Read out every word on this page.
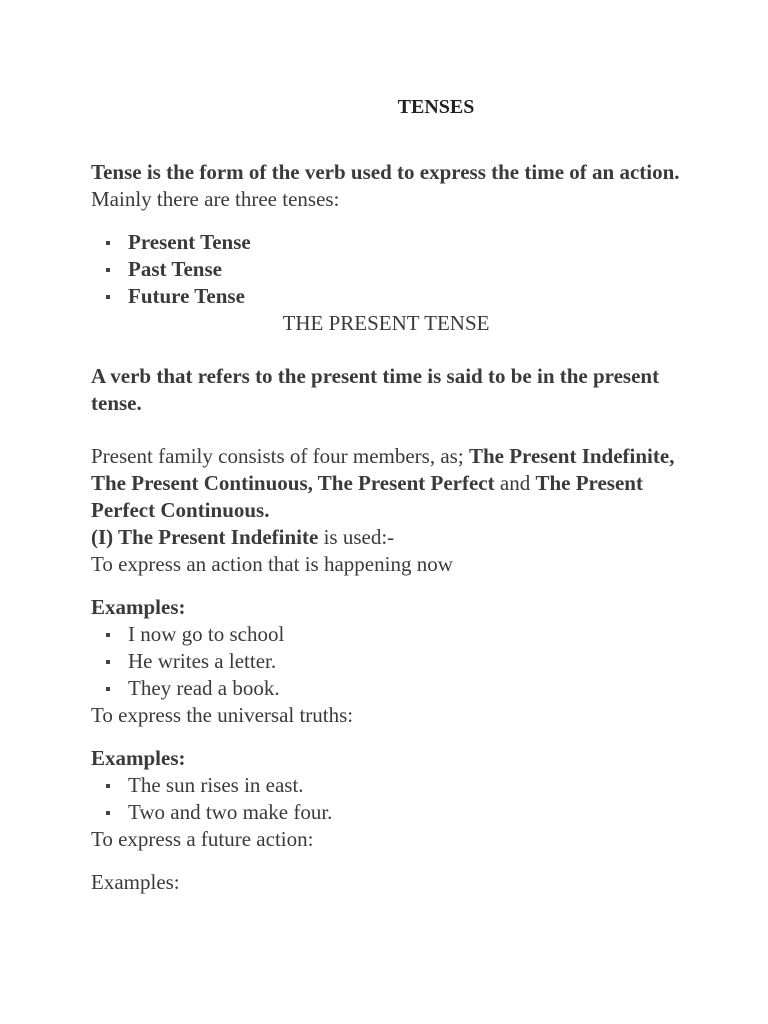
TENSES

Tense is the form of the verb used to express the time of an action.

Mainly there are three tenses:

Present Tense
Past Tense
Future Tense

THE PRESENT TENSE

A verb that refers to the present time is said to be in the present tense.

Present family consists of four members, as; The Present Indefinite, The Present Continuous, The Present Perfect and The Present Perfect Continuous.

(I) The Present Indefinite is used:-

To express an action that is happening now

Examples:

I now go to school
He writes a letter.
They read a book.

To express the universal truths:

Examples:

The sun rises in east.
Two and two make four.

To express a future action:

Examples:
